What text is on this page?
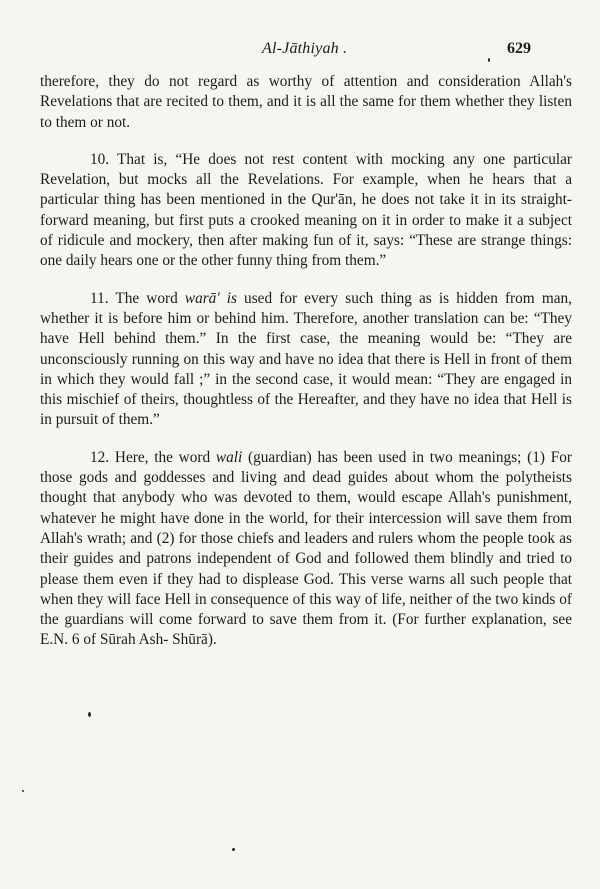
Al-Jāthiyah .	629

therefore, they do not regard as worthy of attention and consideration Allah's Revelations that are recited to them, and it is all the same for them whether they listen to them or not.

10. That is, “He does not rest content with mocking any one particular Revelation, but mocks all the Revelations. For example, when he hears that a particular thing has been mentioned in the Qur'ān, he does not take it in its straight-forward meaning, but first puts a crooked meaning on it in order to make it a subject of ridicule and mockery, then after making fun of it, says: “These are strange things: one daily hears one or the other funny thing from them.”

11. The word warā' is used for every such thing as is hidden from man, whether it is before him or behind him. Therefore, another translation can be: “They have Hell behind them.” In the first case, the meaning would be: “They are unconsciously running on this way and have no idea that there is Hell in front of them in which they would fall ;” in the second case, it would mean: “They are engaged in this mischief of theirs, thoughtless of the Hereafter, and they have no idea that Hell is in pursuit of them.”

12. Here, the word wali (guardian) has been used in two meanings; (1) For those gods and goddesses and living and dead guides about whom the polytheists thought that anybody who was devoted to them, would escape Allah's punishment, whatever he might have done in the world, for their intercession will save them from Allah's wrath; and (2) for those chiefs and leaders and rulers whom the people took as their guides and patrons independent of God and followed them blindly and tried to please them even if they had to displease God. This verse warns all such people that when they will face Hell in consequence of this way of life, neither of the two kinds of the guardians will come forward to save them from it. (For further explanation, see E.N. 6 of Sūrah Ash- Shūrā).
